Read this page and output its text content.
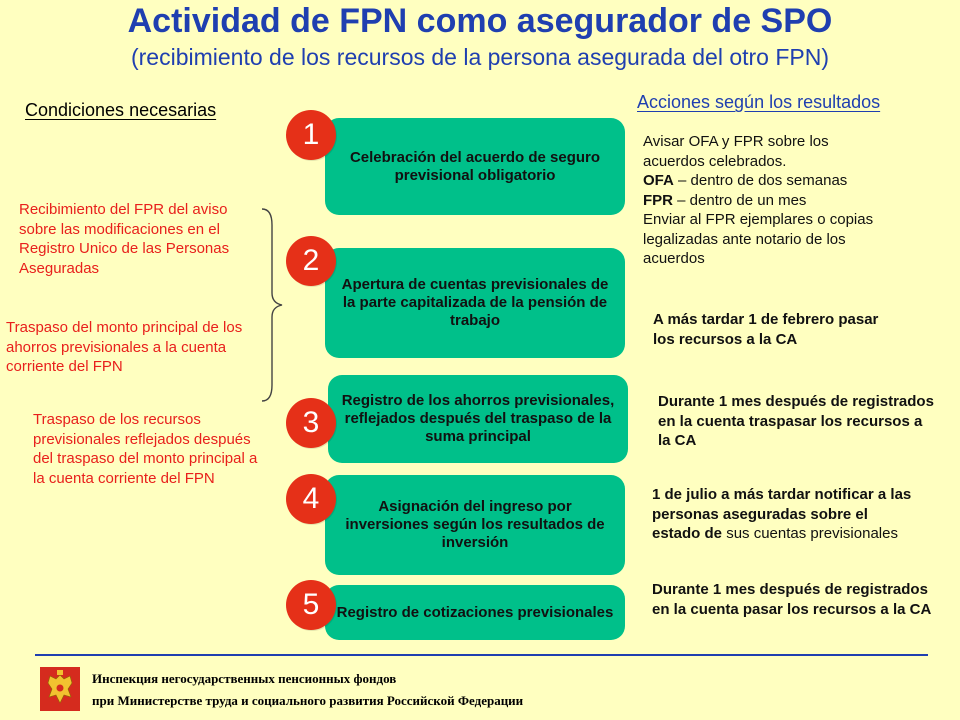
Actividad de FPN como asegurador de SPO
(recibimiento de los recursos de la persona asegurada del otro FPN)
Condiciones necesarias	Acciones según los resultados
Celebración del acuerdo de seguro previsional obligatorio
Apertura de cuentas previsionales de la parte capitalizada de la pensión de trabajo
Registro de los ahorros previsionales, reflejados después del traspaso de la suma principal
Asignación del ingreso por inversiones según los resultados de inversión
Registro de cotizaciones previsionales
1
2
3
4
5
Recibimiento del FPR del aviso sobre las modificaciones en el Registro Unico de las Personas Aseguradas
Traspaso del monto principal de los ahorros previsionales a la cuenta corriente del FPN
Traspaso de los recursos previsionales reflejados después del traspaso del monto principal a la cuenta corriente del FPN
Avisar OFA y FPR sobre los acuerdos celebrados.
OFA – dentro de dos semanas
FPR – dentro de un mes
Enviar al FPR ejemplares o copias legalizadas ante notario de los acuerdos
A más tardar 1 de febrero pasar los recursos a la CA
Durante 1 mes después de registrados en la cuenta traspasar los recursos a la CA
1 de julio a más tardar notificar a las personas aseguradas sobre el estado de sus cuentas previsionales
Durante 1 mes después de registrados en la cuenta pasar los recursos a la CA
Инспекция негосударственных пенсионных фондов
при Министерстве труда и социального развития Российской Федерации
